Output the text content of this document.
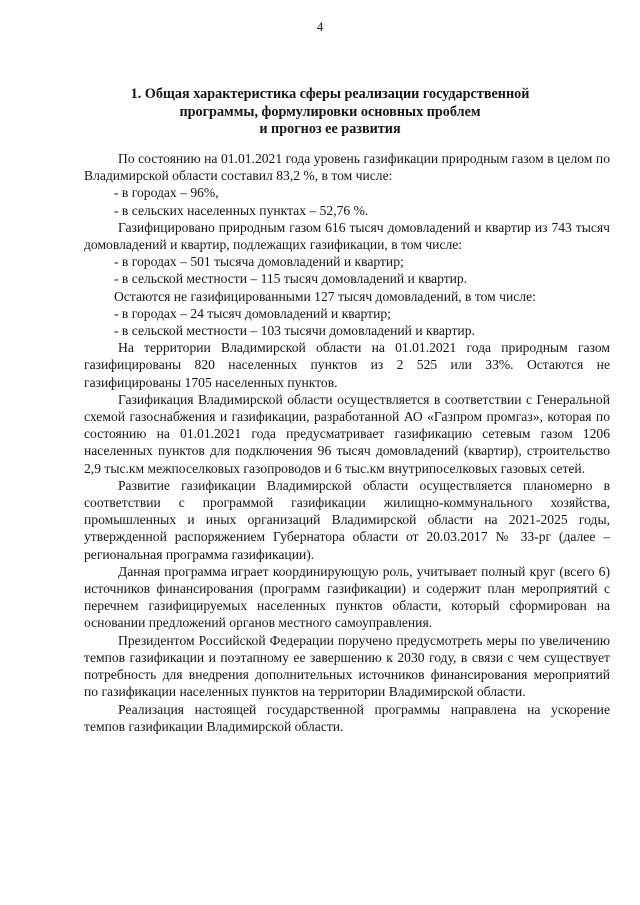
4
1. Общая характеристика сферы реализации государственной
программы, формулировки основных проблем
и прогноз ее развития

По состоянию на 01.01.2021 года уровень газификации природным газом в целом по Владимирской области составил 83,2 %, в том числе:

- в городах – 96%,

- в сельских населенных пунктах – 52,76 %.

Газифицировано природным газом 616 тысяч домовладений и квартир из 743 тысяч домовладений и квартир, подлежащих газификации, в том числе:

- в городах – 501 тысяча домовладений и квартир;

- в сельской местности – 115 тысяч домовладений и квартир.

Остаются не газифицированными 127 тысяч домовладений, в том числе:

- в городах – 24 тысяч домовладений и квартир;

- в сельской местности – 103 тысячи домовладений и квартир.

На территории Владимирской области на 01.01.2021 года природным газом газифицированы 820 населенных пунктов из 2 525 или 33%. Остаются не газифицированы 1705 населенных пунктов.

Газификация Владимирской области осуществляется в соответствии с Генеральной схемой газоснабжения и газификации, разработанной АО «Газпром промгаз», которая по состоянию на 01.01.2021 года предусматривает газификацию сетевым газом 1206 населенных пунктов для подключения 96 тысяч домовладений (квартир), строительство 2,9 тыс.км межпоселковых газопроводов и 6 тыс.км внутрипоселковых газовых сетей.

Развитие газификации Владимирской области осуществляется планомерно в соответствии с программой газификации жилищно-коммунального хозяйства, промышленных и иных организаций Владимирской области на 2021-2025 годы, утвержденной распоряжением Губернатора области от 20.03.2017 № 33-рг (далее – региональная программа газификации).

Данная программа играет координирующую роль, учитывает полный круг (всего 6) источников финансирования (программ газификации) и содержит план мероприятий с перечнем газифицируемых населенных пунктов области, который сформирован на основании предложений органов местного самоуправления.

Президентом Российской Федерации поручено предусмотреть меры по увеличению темпов газификации и поэтапному ее завершению к 2030 году, в связи с чем существует потребность для внедрения дополнительных источников финансирования мероприятий по газификации населенных пунктов на территории Владимирской области.

Реализация настоящей государственной программы направлена на ускорение темпов газификации Владимирской области.
